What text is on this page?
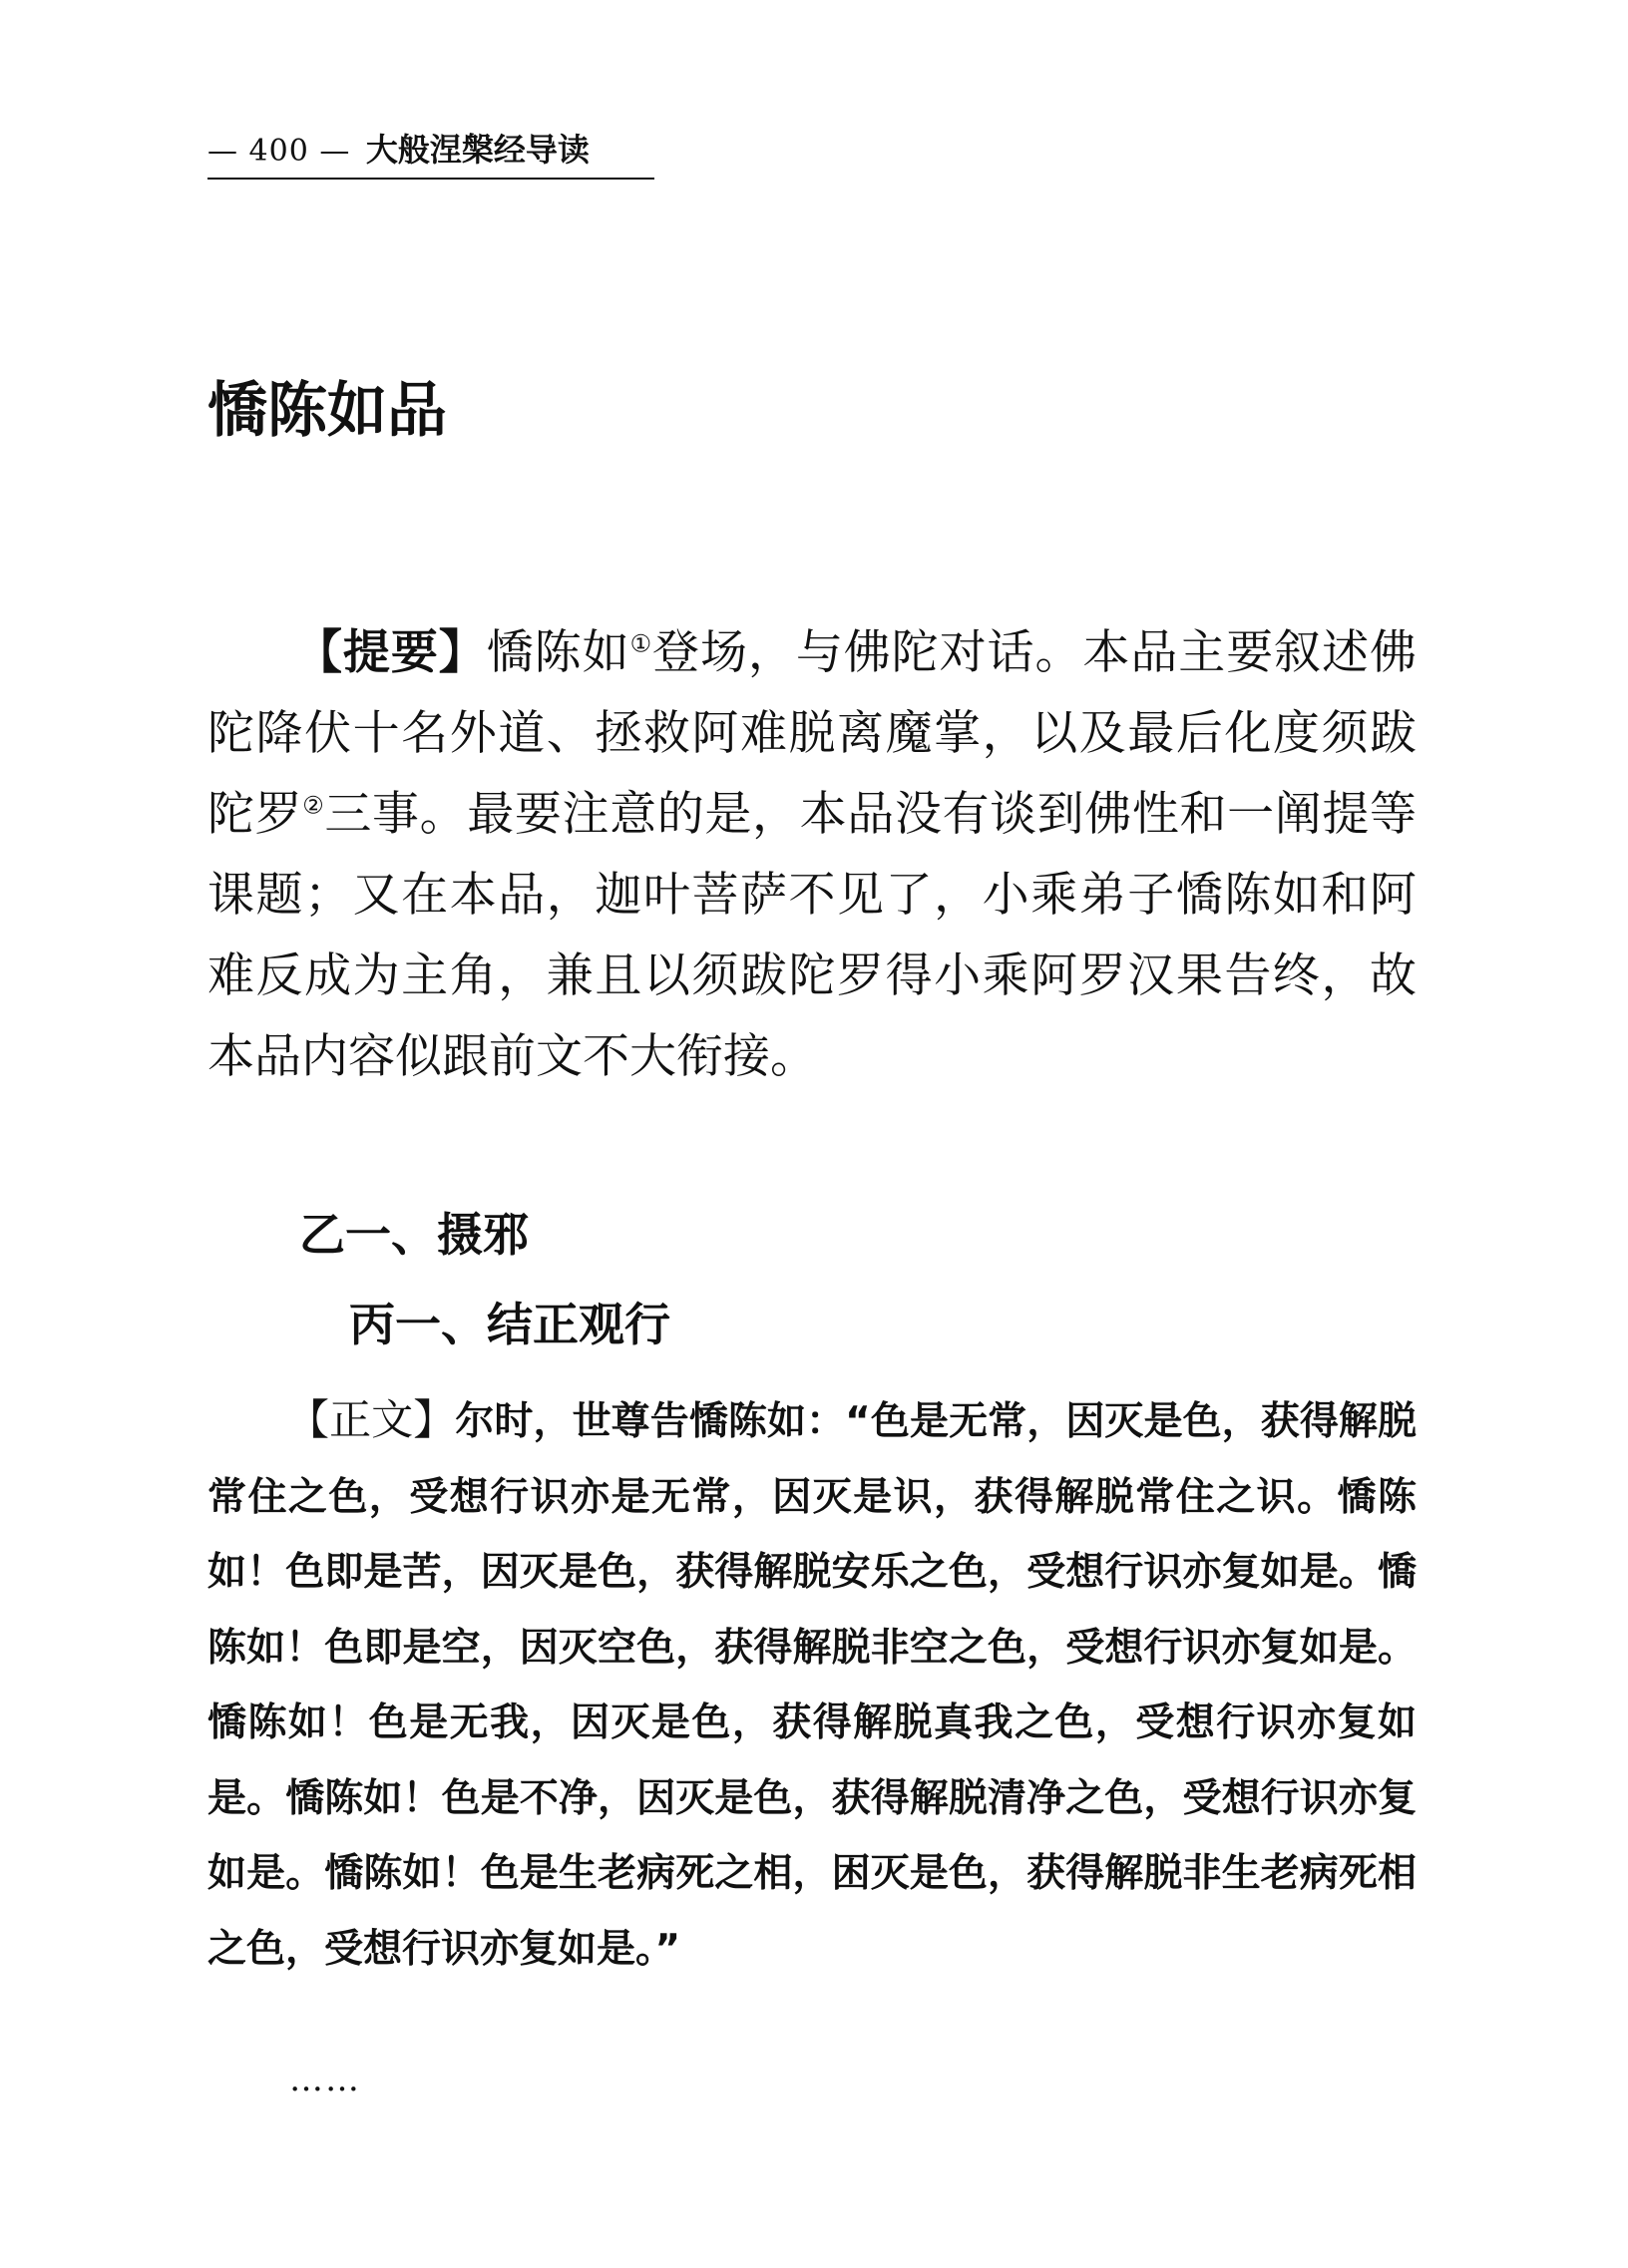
— 400 — 大般涅槃经导读
憍陈如品

【提要】憍陈如①登场，与佛陀对话。本品主要叙述佛陀降伏十名外道、拯救阿难脱离魔掌，以及最后化度须跋陀罗②三事。最要注意的是，本品没有谈到佛性和一阐提等课题；又在本品，迦叶菩萨不见了，小乘弟子憍陈如和阿难反成为主角，兼且以须跋陀罗得小乘阿罗汉果告终，故本品内容似跟前文不大衔接。

乙一、摄邪
丙一、结正观行

【正文】尔时，世尊告憍陈如：“色是无常，因灭是色，获得解脱常住之色，受想行识亦是无常，因灭是识，获得解脱常住之识。憍陈如！色即是苦，因灭是色，获得解脱安乐之色，受想行识亦复如是。憍陈如！色即是空，因灭空色，获得解脱非空之色，受想行识亦复如是。憍陈如！色是无我，因灭是色，获得解脱真我之色，受想行识亦复如是。憍陈如！色是不净，因灭是色，获得解脱清净之色，受想行识亦复如是。憍陈如！色是生老病死之相，困灭是色，获得解脱非生老病死相之色，受想行识亦复如是。”

……
